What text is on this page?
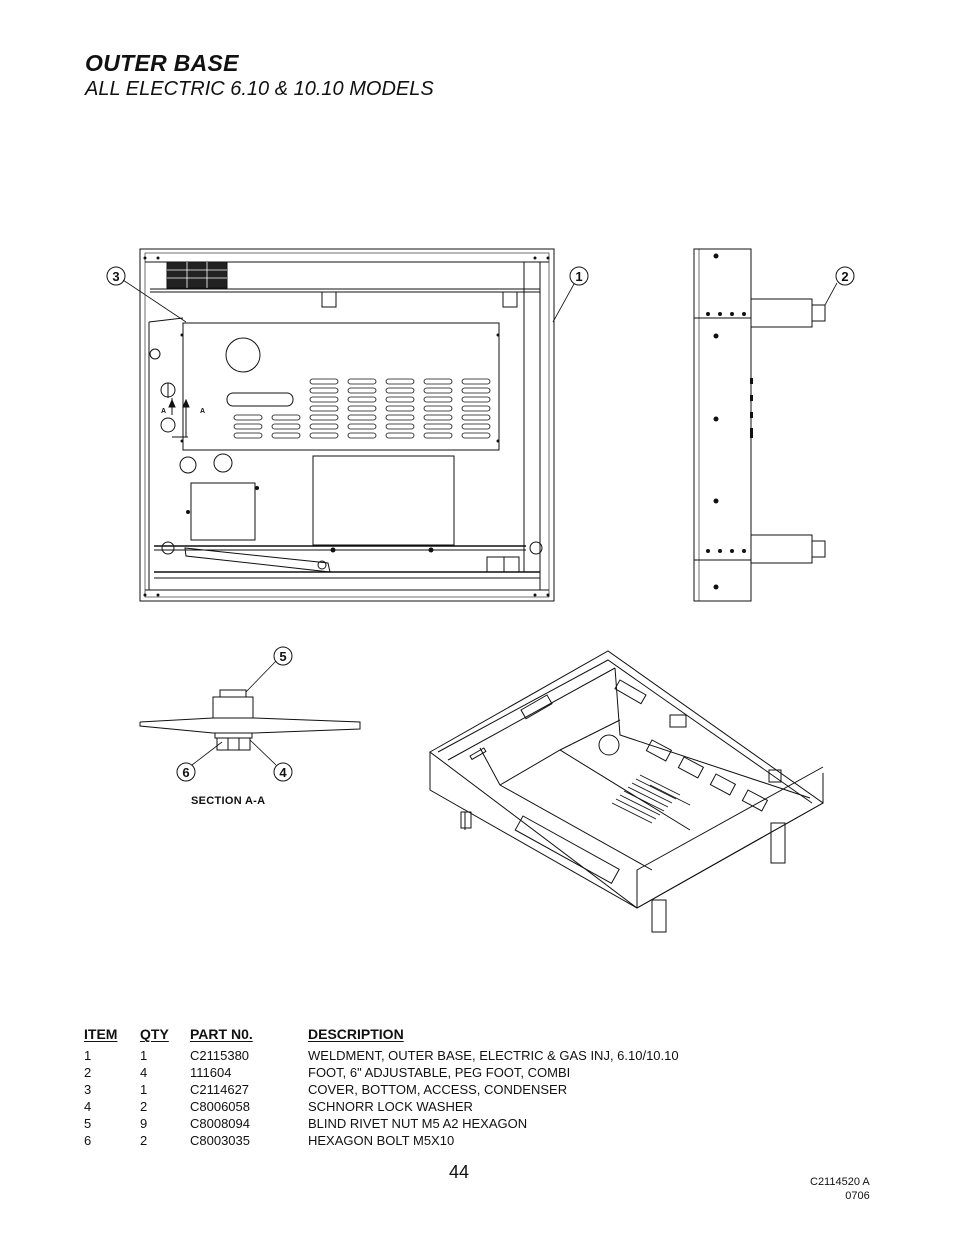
OUTER BASE
ALL ELECTRIC 6.10 & 10.10 MODELS
3	1	2
5
6	4
A	A
SECTION A-A
ITEM	QTY	PART N0.	DESCRIPTION
1	1	C2115380	WELDMENT, OUTER BASE, ELECTRIC & GAS INJ, 6.10/10.10
2	4	111604	FOOT, 6" ADJUSTABLE, PEG FOOT, COMBI
3	1	C2114627	COVER, BOTTOM, ACCESS, CONDENSER
4	2	C8006058	SCHNORR LOCK WASHER
5	9	C8008094	BLIND RIVET NUT M5 A2 HEXAGON
6	2	C8003035	HEXAGON BOLT M5X10
44	C2114520 A
0706
